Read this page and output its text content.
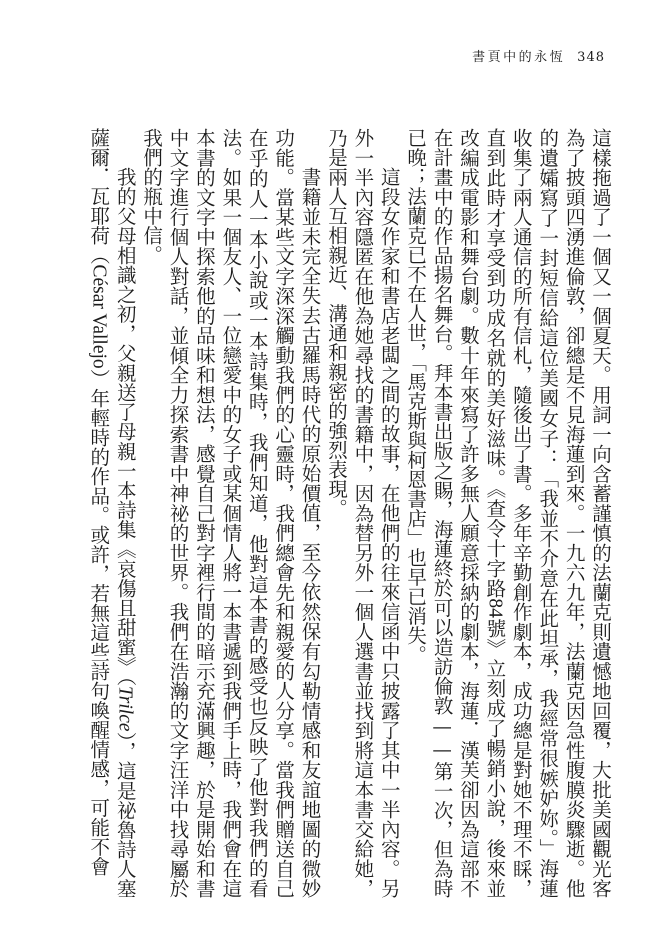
書頁中的永恆 348

這樣拖過了一個又一個夏天。用詞一向含蓄謹慎的法蘭克則遺憾地回覆，大批美國觀光客為了披頭四湧進倫敦，卻總是不見海蓮到來。一九六九年，法蘭克因急性腹膜炎驟逝。他的遺孀寫了一封短信給這位美國女子：「我並不介意在此坦承，我經常很嫉妒妳。」海蓮收集了兩人通信的所有信札，隨後出了書。多年辛勤創作劇本，成功總是對她不理不睬，直到此時才享受到功成名就的美好滋味。《查令十字路84號》立刻成了暢銷小說，後來並改編成電影和舞台劇。數十年來寫了許多無人願意採納的劇本，海蓮．漢芙卻因為這部不在計畫中的作品揚名舞台。拜本書出版之賜，海蓮終於可以造訪倫敦——第一次，但為時已晚；法蘭克已不在人世，「馬克斯與柯恩書店」也早已消失。

這段女作家和書店老闆之間的故事，在他們的往來信函中只披露了其中一半內容。另外一半內容隱匿在他為她尋找的書籍中，因為替另外一個人選書並找到將這本書交給她，乃是兩人互相親近、溝通和親密的強烈表現。

書籍並未完全失去古羅馬時代的原始價值，至今依然保有勾勒情感和友誼地圖的微妙功能。當某些文字深深觸動我們的心靈時，我們總會先和親愛的人分享。當我們贈送自己在乎的人一本小說或一本詩集時，我們知道，他對這本書的感受也反映了他對我們的看法。如果一個友人、一位戀愛中的女子或某個情人將一本書遞到我們手上時，我們會在這本書的文字中探索他的品味和想法，感覺自己對字裡行間的暗示充滿興趣，於是開始和書中文字進行個人對話，並傾全力探索書中神祕的世界。我們在浩瀚的文字汪洋中找尋屬於我們的瓶中信。

我的父母相識之初，父親送了母親一本詩集《哀傷且甜蜜》（Trilce），這是祕魯詩人塞薩爾．瓦耶荷（César Vallejo）年輕時的作品。或許，若無這些詩句喚醒情感，可能不會
